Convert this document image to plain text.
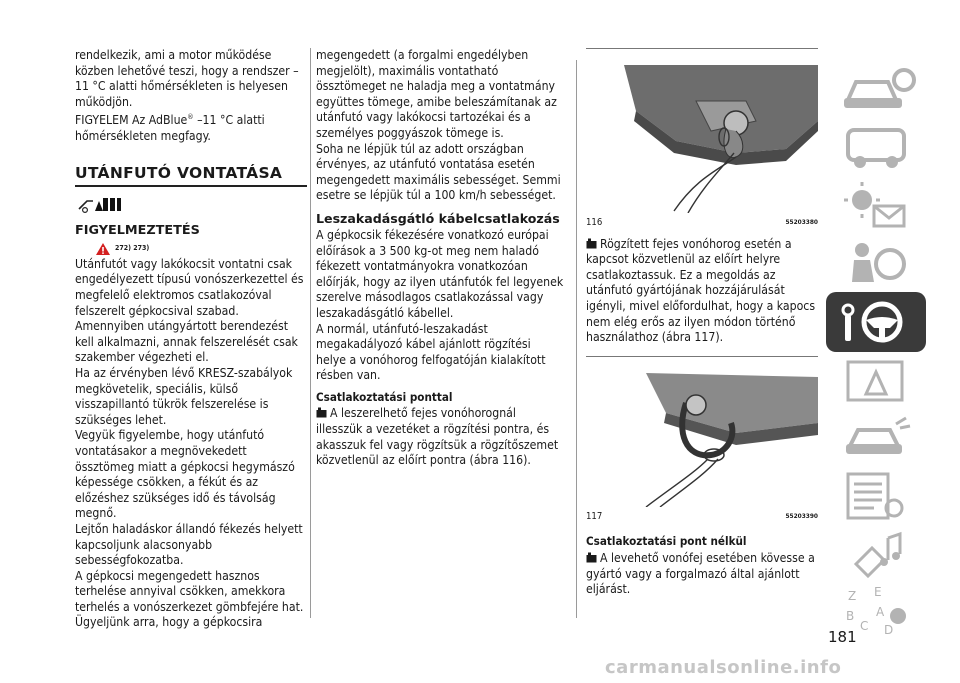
rendelkezik, ami a motor működése közben lehetővé teszi, hogy a rendszer –11 °C alatti hőmérsékleten is helyesen működjön.

FIGYELEM Az AdBlue® –11 °C alatti hőmérsékleten megfagy.

UTÁNFUTÓ VONTATÁSA
FIGYELMEZTETÉS
272) 273)

Utánfutót vagy lakókocsit vontatni csak engedélyezett típusú vonószerkezettel és megfelelő elektromos csatlakozóval felszerelt gépkocsival szabad. Amennyiben utángyártott berendezést kell alkalmazni, annak felszerelését csak szakember végezheti el.

Ha az érvényben lévő KRESZ-szabályok megkövetelik, speciális, külső visszapillantó tükrök felszerelése is szükséges lehet.

Vegyük figyelembe, hogy utánfutó vontatásakor a megnövekedett össztömeg miatt a gépkocsi hegymászó képessége csökken, a fékút és az előzéshez szükséges idő és távolság megnő.

Lejtőn haladáskor állandó fékezés helyett kapcsoljunk alacsonyabb sebességfokozatba.

A gépkocsi megengedett hasznos terhelése annyival csökken, amekkora terhelés a vonószerkezet gömbfejére hat. Ügyeljünk arra, hogy a gépkocsira

megengedett (a forgalmi engedélyben megjelölt), maximális vontatható össztömeget ne haladja meg a vontatmány együttes tömege, amibe beleszámítanak az utánfutó vagy lakókocsi tartozékai és a személyes poggyászok tömege is.

Soha ne lépjük túl az adott országban érvényes, az utánfutó vontatása esetén megengedett maximális sebességet. Semmi esetre se lépjük túl a 100 km/h sebességet.

Leszakadásgátló kábelcsatlakozás

A gépkocsik fékezésére vonatkozó európai előírások a 3 500 kg-ot meg nem haladó fékezett vontatmányokra vonatkozóan előírják, hogy az ilyen utánfutók fel legyenek szerelve másodlagos csatlakozással vagy leszakadásgátló kábellel.

A normál, utánfutó-leszakadást megakadályozó kábel ajánlott rögzítési helye a vonóhorog felfogatóján kialakított résben van.

Csatlakoztatási ponttal

A leszerelhető fejes vonóhorognál illesszük a vezetéket a rögzítési pontra, és akasszuk fel vagy rögzítsük a rögzítőszemet közvetlenül az előírt pontra (ábra 116).

116	55203380

Rögzített fejes vonóhorog esetén a kapcsot közvetlenül az előírt helyre csatlakoztassuk. Ez a megoldás az utánfutó gyártójának hozzájárulását igényli, mivel előfordulhat, hogy a kapocs nem elég erős az ilyen módon történő használathoz (ábra 117).

117	55203390
Csatlakoztatási pont nélkül

A levehető vonófej esetében kövesse a gyártó vagy a forgalmazó által ajánlott eljárást.	Z E
B A
C D
181
carmanualsonline.info
